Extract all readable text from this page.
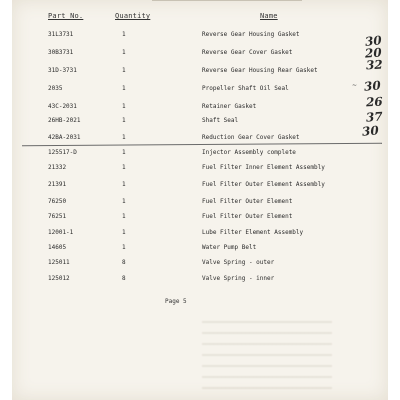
Part No.	Quantity	Name
31L3731	1	Reverse Gear Housing Gasket
30B3731	1	Reverse Gear Cover Gasket
31D-3731	1	Reverse Gear Housing Rear Gasket
2035	1	Propeller Shaft Oil Seal
43C-2031	1	Retainer Gasket
26HB-2021	1	Shaft Seal
42BA-2031	1	Reduction Gear Cover Gasket
125517-D	1	Injector Assembly complete
21332	1	Fuel Filter Inner Element Assembly
21391	1	Fuel Filter Outer Element Assembly
76250	1	Fuel Filter Outer Element
76251	1	Fuel Filter Outer Element
12001-1	1	Lube Filter Element Assembly
14605	1	Water Pump Belt
125011	8	Valve Spring - outer
125012	8	Valve Spring - inner
30
20
32
~ 30
26
37
30
Page 5
